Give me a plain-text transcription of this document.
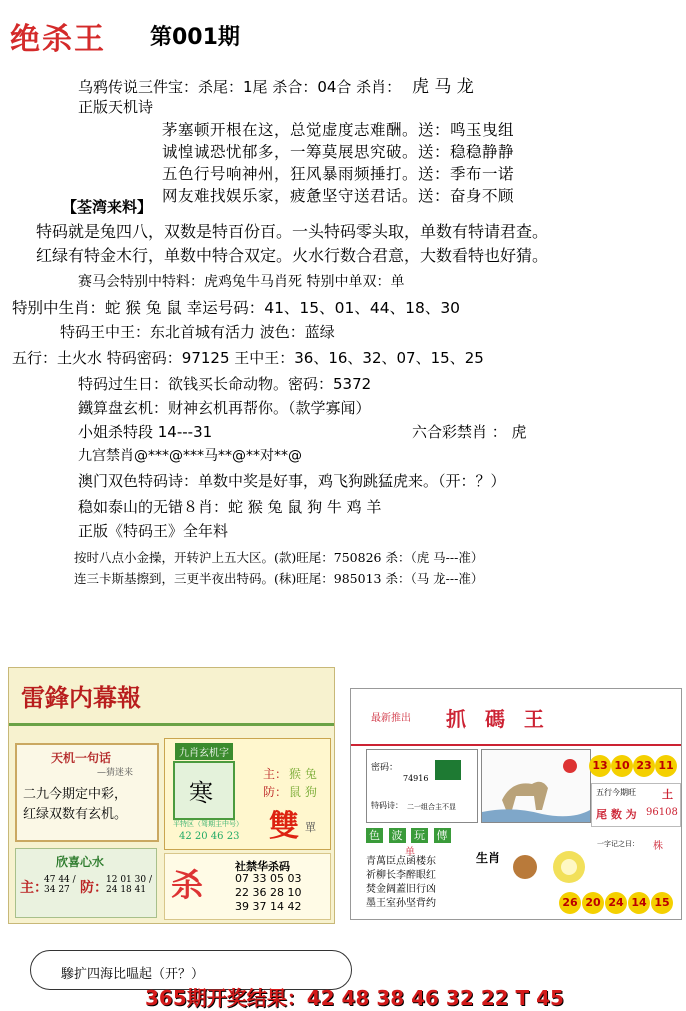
绝杀王 第001期
乌鸦传说三件宝：杀尾：1尾 杀合：04合 杀肖： 虎 马 龙
正版天机诗
茅塞顿开根在这，总觉虚度志难酬。送：鸣玉曳组
诚惶诚恐忧郁多，一筹莫展思究破。送：稳稳静静
五色行号响神州，狂风暴雨频捶打。送：季布一诺
网友难找娱乐家，疲惫坚守送君话。送：奋身不顾
【荃湾来料】
特码就是兔四八，双数是特百份百。一头特码零头取，单数有特请君查。
红绿有特金木行，单数中特合双定。火水行数合君意，大数看特也好猜。
赛马会特别中特料：虎鸡兔牛马肖死 特别中单双：单
特别中生肖：蛇 猴 兔 鼠 幸运号码：41、15、01、44、18、30
特码王中王：东北首城有活力 波色：蓝绿
五行：土火水 特码密码：97125 王中王：36、16、32、07、15、25
特码过生日：欲钱买长命动物。密码：5372
鐵算盘玄机：财神玄机再帮你。（款学寡闻）
小姐杀特段 14---31	六合彩禁肖 ： 虎
九宫禁肖@***@***马**@**对**@
澳门双色特码诗：单数中奖是好事，鸡飞狗跳猛虎来。（开：？）
稳如泰山的无错８肖：蛇 猴 兔 鼠 狗 牛 鸡 羊
正版《特码王》全年料
按时八点小金操，开转沪上五大区。(款)旺尾：750826 杀：（虎 马---准）
连三卡斯基擦到，三更半夜出特码。(秣)旺尾：985013 杀：（马 龙---准）
雷鋒内幕報
天机一句话
—猜迷来
二九今期定中彩，
红绿双数有玄机。
九肖玄机字
寒
主： 猴 兔
防： 鼠 狗
雙 單
平特区（驾期主中号）
42 20 46 23
欣喜心水
主：
47 44 / 34 27 防：
12 01 30 / 24 18 41 杀	社禁华杀码
07 33 05 03
22 36 28 10
39 37 14 42
最新推出 抓 碼 王
密码：
74916
特码诗： 二一组合主不显
色 波 玩 傳
单	生肖
青萬臣点函楼东
祈柳长李醉眼红
焚金阔蓋旧行凶
墨王室孙坚背约
13 10 23 11
五行今期旺 土
尾 数 为 96108
一字记之曰： 株
26 20 24 14 15
驂扩四海比嗢起（开？）
365期开奖结果：42 48 38 46 32 22 T 45
